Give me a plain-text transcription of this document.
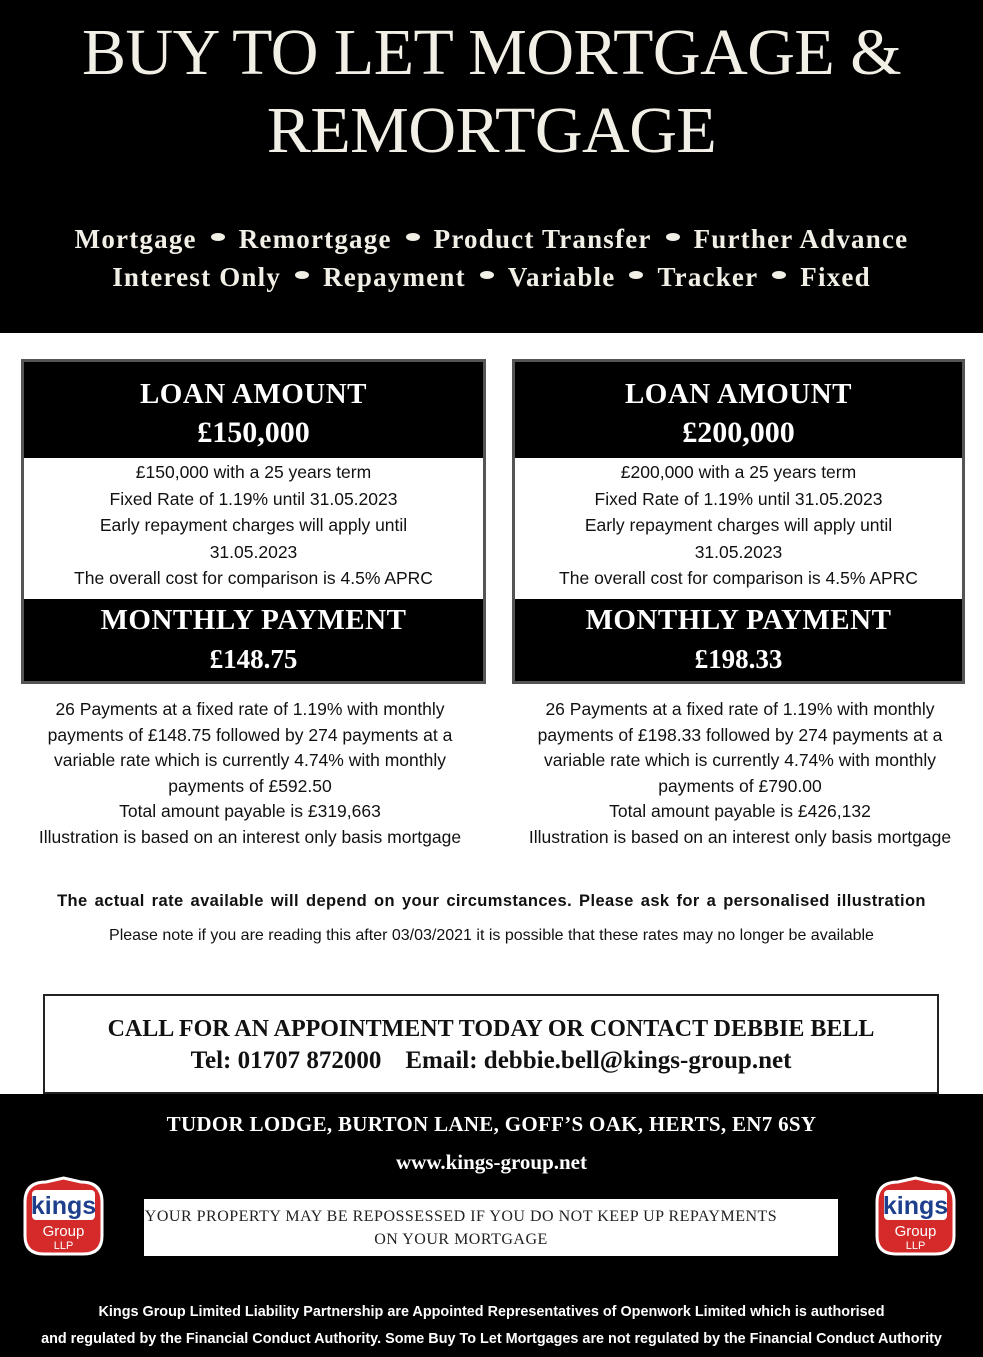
BUY TO LET MORTGAGE &
REMORTGAGE
Mortgage Remortgage Product Transfer Further Advance
Interest Only Repayment Variable Tracker Fixed
LOAN AMOUNT
£150,000
£150,000 with a 25 years term
Fixed Rate of 1.19% until 31.05.2023
Early repayment charges will apply until
31.05.2023
The overall cost for comparison is 4.5% APRC
MONTHLY PAYMENT
£148.75
LOAN AMOUNT
£200,000
£200,000 with a 25 years term
Fixed Rate of 1.19% until 31.05.2023
Early repayment charges will apply until
31.05.2023
The overall cost for comparison is 4.5% APRC
MONTHLY PAYMENT
£198.33
26 Payments at a fixed rate of 1.19% with monthly
payments of £148.75 followed by 274 payments at a
variable rate which is currently 4.74% with monthly
payments of £592.50
Total amount payable is £319,663
Illustration is based on an interest only basis mortgage
26 Payments at a fixed rate of 1.19% with monthly
payments of £198.33 followed by 274 payments at a
variable rate which is currently 4.74% with monthly
payments of £790.00
Total amount payable is £426,132
Illustration is based on an interest only basis mortgage
The actual rate available will depend on your circumstances. Please ask for a personalised illustration
Please note if you are reading this after 03/03/2021 it is possible that these rates may no longer be available
CALL FOR AN APPOINTMENT TODAY OR CONTACT DEBBIE BELL
Tel: 01707 872000 Email: debbie.bell@kings-group.net
TUDOR LODGE, BURTON LANE, GOFF’S OAK, HERTS, EN7 6SY
www.kings-group.net
kings
Group
LLP
YOUR PROPERTY MAY BE REPOSSESSED IF YOU DO NOT KEEP UP REPAYMENTS
ON YOUR MORTGAGE
kings
Group
LLP
Kings Group Limited Liability Partnership are Appointed Representatives of Openwork Limited which is authorised
and regulated by the Financial Conduct Authority. Some Buy To Let Mortgages are not regulated by the Financial Conduct Authority
